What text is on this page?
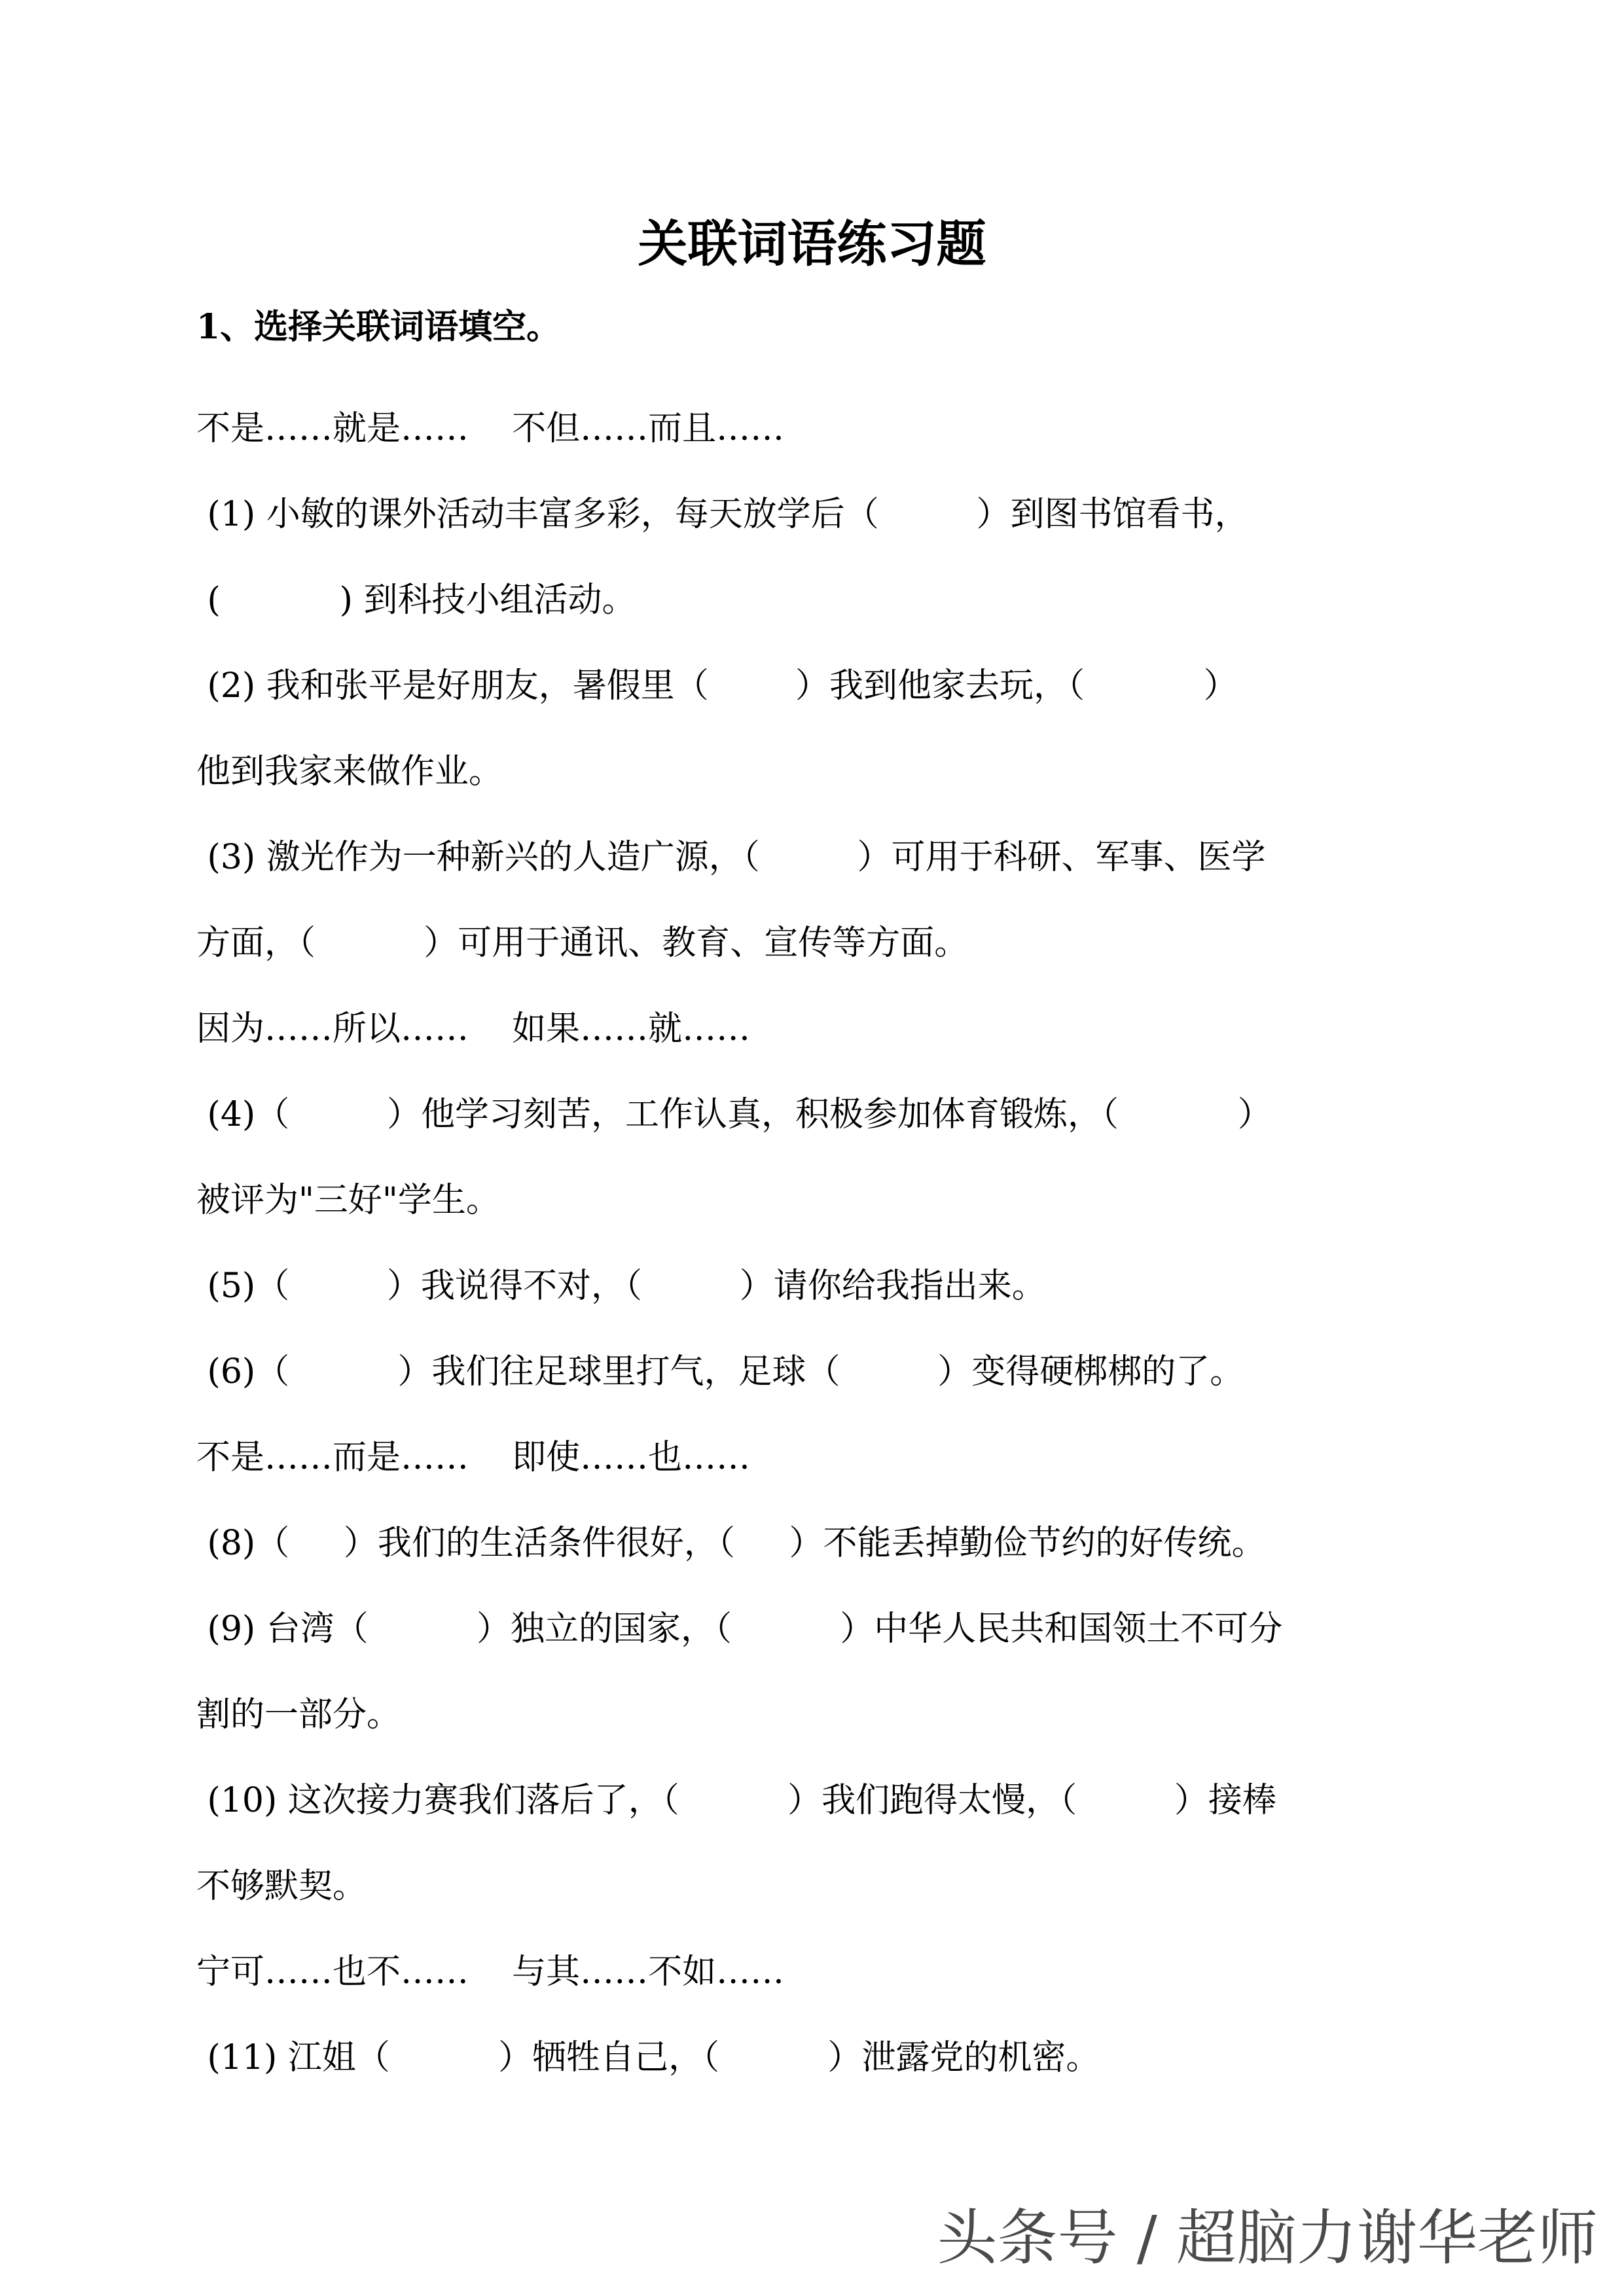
关联词语练习题
1、选择关联词语填空。

不是……就是……    不但……而且……

(1) 小敏的课外活动丰富多彩，每天放学后（         ）到图书馆看书，

(           ) 到科技小组活动。

(2) 我和张平是好朋友，暑假里（        ）我到他家去玩，（           ）

他到我家来做作业。

(3) 激光作为一种新兴的人造广源，（         ）可用于科研、军事、医学

方面，（          ）可用于通讯、教育、宣传等方面。

因为……所以……    如果……就……

(4)（         ）他学习刻苦，工作认真，积极参加体育锻炼，（           ）

被评为"三好"学生。

(5)（         ）我说得不对，（         ）请你给我指出来。

(6)（          ）我们往足球里打气，足球（         ）变得硬梆梆的了。

不是……而是……    即使……也……

(8)（     ）我们的生活条件很好，（     ）不能丢掉勤俭节约的好传统。

(9) 台湾（          ）独立的国家，（          ）中华人民共和国领土不可分

割的一部分。

(10) 这次接力赛我们落后了，（          ）我们跑得太慢，（         ）接棒

不够默契。

宁可……也不……    与其……不如……

(11) 江姐（          ）牺牲自己，（          ）泄露党的机密。

头条号 / 超脑力谢华老师
